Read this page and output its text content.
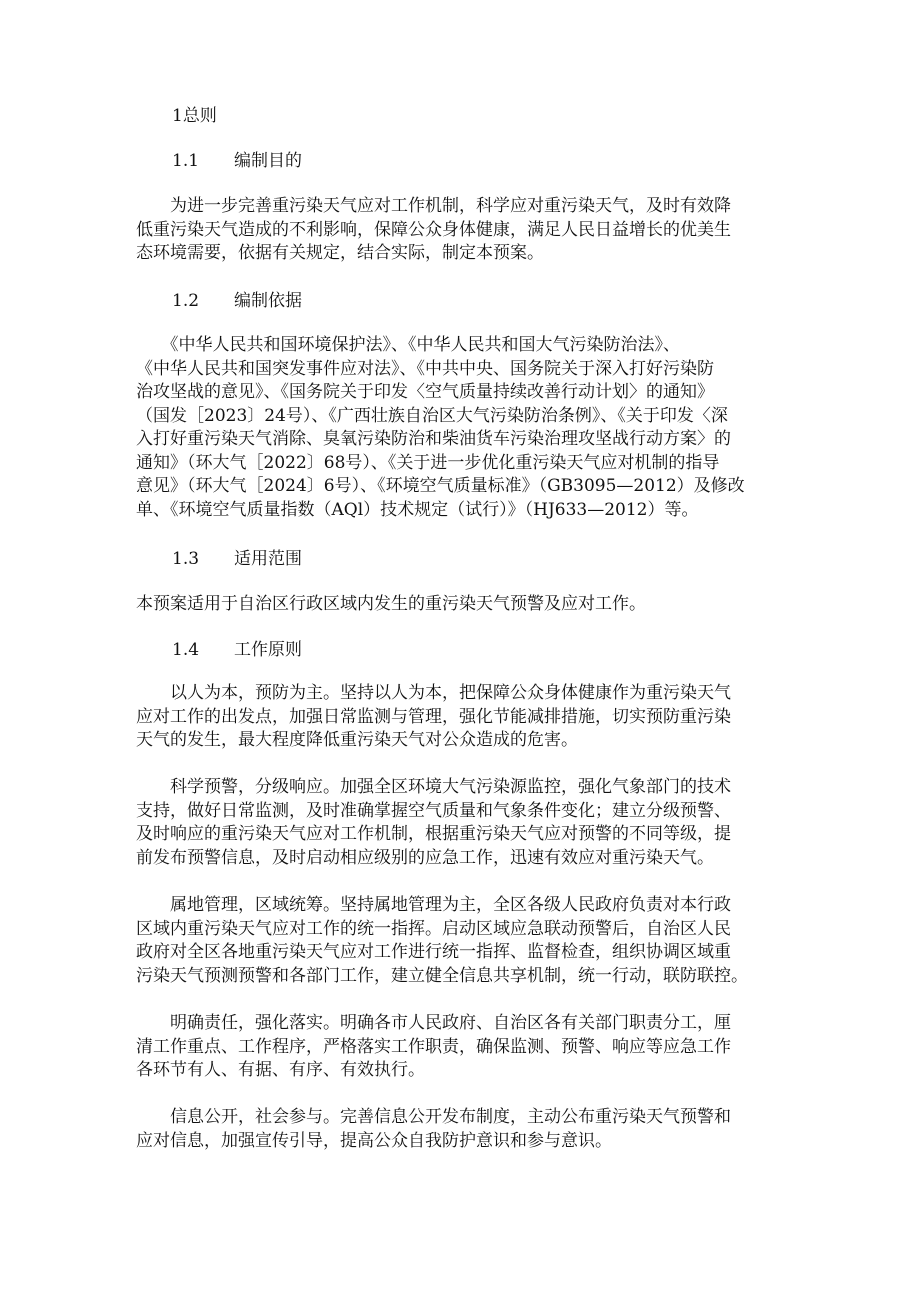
1总则
1.1 编制目的
　　为进一步完善重污染天气应对工作机制，科学应对重污染天气，及时有效降
低重污染天气造成的不利影响，保障公众身体健康，满足人民日益增长的优美生
态环境需要，依据有关规定，结合实际，制定本预案。
1.2 编制依据
　　《中华人民共和国环境保护法》、《中华人民共和国大气污染防治法》、
《中华人民共和国突发事件应对法》、《中共中央、国务院关于深入打好污染防
治攻坚战的意见》、《国务院关于印发〈空气质量持续改善行动计划〉的通知》
（国发［2023〕24号）、《广西壮族自治区大气污染防治条例》、《关于印发〈深
入打好重污染天气消除、臭氧污染防治和柴油货车污染治理攻坚战行动方案〉的
通知》（环大气［2022〕68号）、《关于进一步优化重污染天气应对机制的指导
意见》（环大气［2024〕6号）、《环境空气质量标准》（GB3095—2012）及修改
单、《环境空气质量指数（AQl）技术规定（试行）》（HJ633—2012）等。
1.3 适用范围
本预案适用于自治区行政区域内发生的重污染天气预警及应对工作。
1.4 工作原则
　　以人为本，预防为主。坚持以人为本，把保障公众身体健康作为重污染天气
应对工作的出发点，加强日常监测与管理，强化节能减排措施，切实预防重污染
天气的发生，最大程度降低重污染天气对公众造成的危害。
　　科学预警，分级响应。加强全区环境大气污染源监控，强化气象部门的技术
支持，做好日常监测，及时准确掌握空气质量和气象条件变化；建立分级预警、
及时响应的重污染天气应对工作机制，根据重污染天气应对预警的不同等级，提
前发布预警信息，及时启动相应级别的应急工作，迅速有效应对重污染天气。
　　属地管理，区域统筹。坚持属地管理为主，全区各级人民政府负责对本行政
区域内重污染天气应对工作的统一指挥。启动区域应急联动预警后，自治区人民
政府对全区各地重污染天气应对工作进行统一指挥、监督检查，组织协调区域重
污染天气预测预警和各部门工作，建立健全信息共享机制，统一行动，联防联控。
　　明确责任，强化落实。明确各市人民政府、自治区各有关部门职责分工，厘
清工作重点、工作程序，严格落实工作职责，确保监测、预警、响应等应急工作
各环节有人、有据、有序、有效执行。
　　信息公开，社会参与。完善信息公开发布制度，主动公布重污染天气预警和
应对信息，加强宣传引导，提高公众自我防护意识和参与意识。
